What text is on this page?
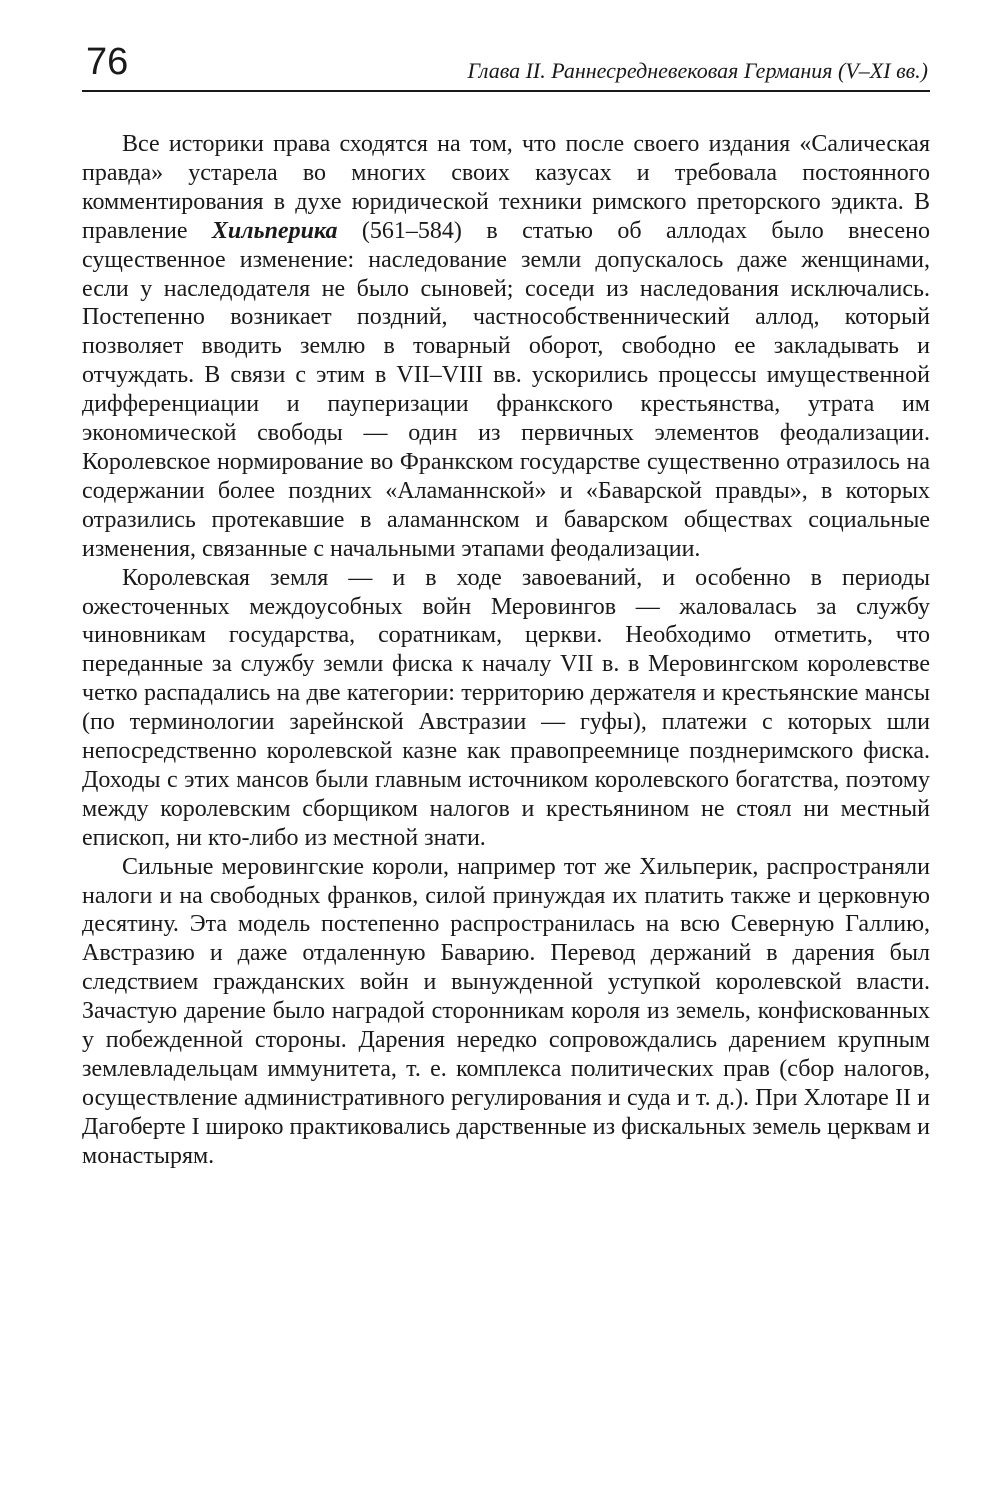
76	Глава II. Раннесредневековая Германия (V–XI вв.)

Все историки права сходятся на том, что после своего издания «Салическая правда» устарела во многих своих казусах и требовала постоянного комментирования в духе юридической техники римского преторского эдикта. В правление Хильперика (561–584) в статью об аллодах было внесено существенное изменение: наследование земли допускалось даже женщинами, если у наследодателя не было сыновей; соседи из наследования исключались. Постепенно возникает поздний, частнособственнический аллод, который позволяет вводить землю в товарный оборот, свободно ее закладывать и отчуждать. В связи с этим в VII–VIII вв. ускорились процессы имущественной дифференциации и пауперизации франкского крестьянства, утрата им экономической свободы — один из первичных элементов феодализации. Королевское нормирование во Франкском государстве существенно отразилось на содержании более поздних «Аламаннской» и «Баварской правды», в которых отразились протекавшие в аламаннском и баварском обществах социальные изменения, связанные с начальными этапами феодализации.

Королевская земля — и в ходе завоеваний, и особенно в периоды ожесточенных междоусобных войн Меровингов — жаловалась за службу чиновникам государства, соратникам, церкви. Необходимо отметить, что переданные за службу земли фиска к началу VII в. в Меровингском королевстве четко распадались на две категории: территорию держателя и крестьянские мансы (по терминологии зарейнской Австразии — гуфы), платежи с которых шли непосредственно королевской казне как правопреемнице позднеримского фиска. Доходы с этих мансов были главным источником королевского богатства, поэтому между королевским сборщиком налогов и крестьянином не стоял ни местный епископ, ни кто-либо из местной знати.

Сильные меровингские короли, например тот же Хильперик, распространяли налоги и на свободных франков, силой принуждая их платить также и церковную десятину. Эта модель постепенно распространилась на всю Северную Галлию, Австразию и даже отдаленную Баварию. Перевод держаний в дарения был следствием гражданских войн и вынужденной уступкой королевской власти. Зачастую дарение было наградой сторонникам короля из земель, конфискованных у побежденной стороны. Дарения нередко сопровождались дарением крупным землевладельцам иммунитета, т. е. комплекса политических прав (сбор налогов, осуществление административного регулирования и суда и т. д.). При Хлотаре II и Дагоберте I широко практиковались дарственные из фискальных земель церквам и монастырям.
